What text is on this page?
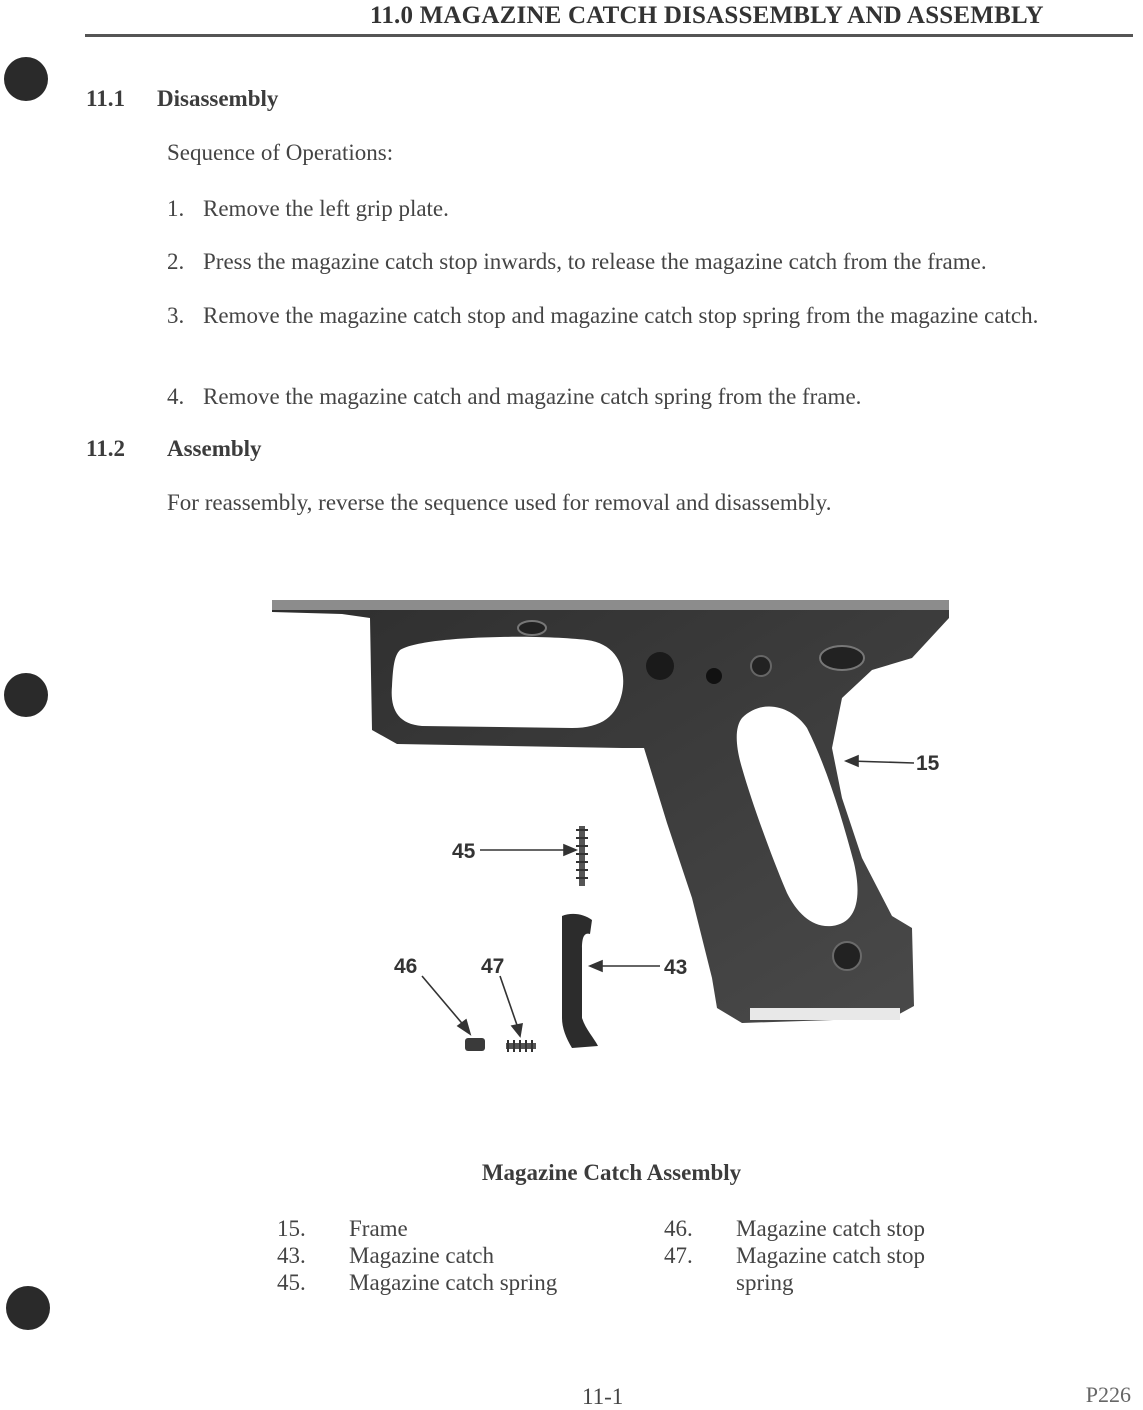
11.0 MAGAZINE CATCH DISASSEMBLY AND ASSEMBLY
11.1 Disassembly
Sequence of Operations:
1. Remove the left grip plate.
2. Press the magazine catch stop inwards, to release the magazine catch from the frame.
3. Remove the magazine catch stop and magazine catch stop spring from the magazine catch.
4. Remove the magazine catch and magazine catch spring from the frame.
11.2 Assembly
For reassembly, reverse the sequence used for removal and disassembly.
15
45
46	47	43
Magazine Catch Assembly
15. Frame
43. Magazine catch
45. Magazine catch spring
46. Magazine catch stop
47. Magazine catch stop spring
11-1	P226
